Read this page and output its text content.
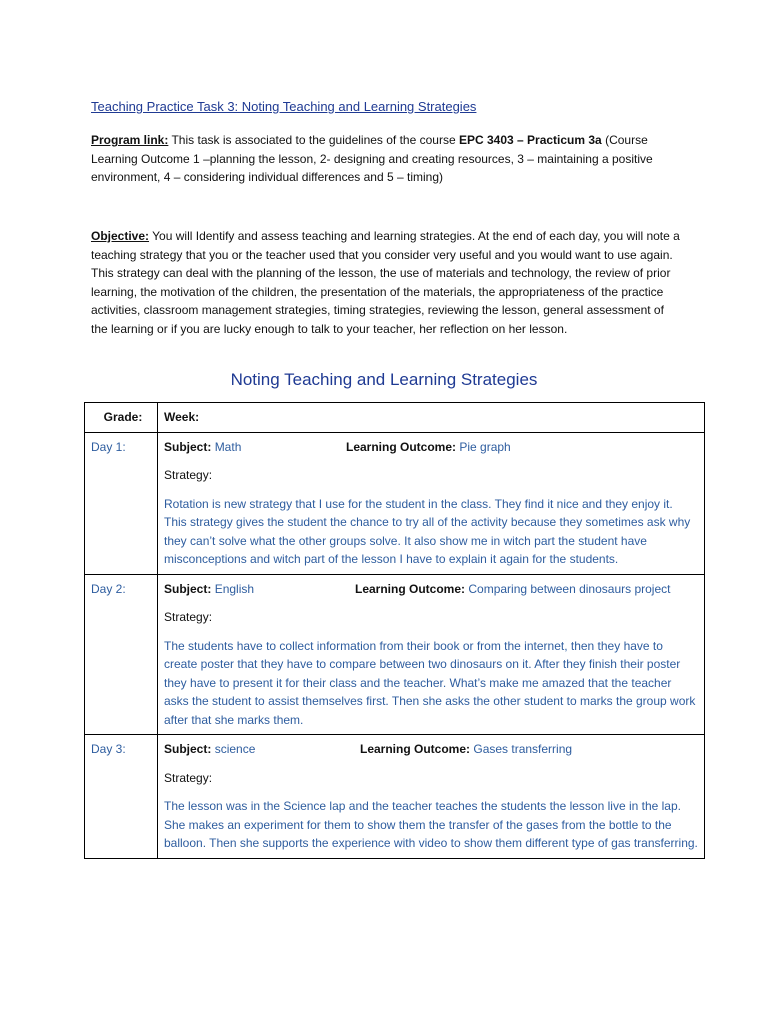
Teaching Practice Task 3: Noting Teaching and Learning Strategies
Program link: This task is associated to the guidelines of the course EPC 3403 – Practicum 3a (Course Learning Outcome 1 –planning the lesson, 2- designing and creating resources, 3 – maintaining a positive environment, 4 – considering individual differences and 5 – timing)
Objective: You will Identify and assess teaching and learning strategies. At the end of each day, you will note a teaching strategy that you or the teacher used that you consider very useful and you would want to use again. This strategy can deal with the planning of the lesson, the use of materials and technology, the review of prior learning, the motivation of the children, the presentation of the materials, the appropriateness of the practice activities, classroom management strategies, timing strategies, reviewing the lesson, general assessment of the learning or if you are lucky enough to talk to your teacher, her reflection on her lesson.
Noting Teaching and Learning Strategies
Grade:	Week:
Day 1:	Subject: Math Learning Outcome: Pie graph
Strategy:
Rotation is new strategy that I use for the student in the class. They find it nice and they enjoy it. This strategy gives the student the chance to try all of the activity because they sometimes ask why they can’t solve what the other groups solve. It also show me in witch part the student have misconceptions and witch part of the lesson I have to explain it again for the students.

Day 2:	Subject: English Learning Outcome: Comparing between dinosaurs project
Strategy:
The students have to collect information from their book or from the internet, then they have to create poster that they have to compare between two dinosaurs on it. After they finish their poster they have to present it for their class and the teacher. What’s make me amazed that the teacher asks the student to assist themselves first. Then she asks the other student to marks the group work after that she marks them.

Day 3:	Subject: science Learning Outcome: Gases transferring
Strategy:
The lesson was in the Science lap and the teacher teaches the students the lesson live in the lap. She makes an experiment for them to show them the transfer of the gases from the bottle to the balloon. Then she supports the experience with video to show them different type of gas transferring.
